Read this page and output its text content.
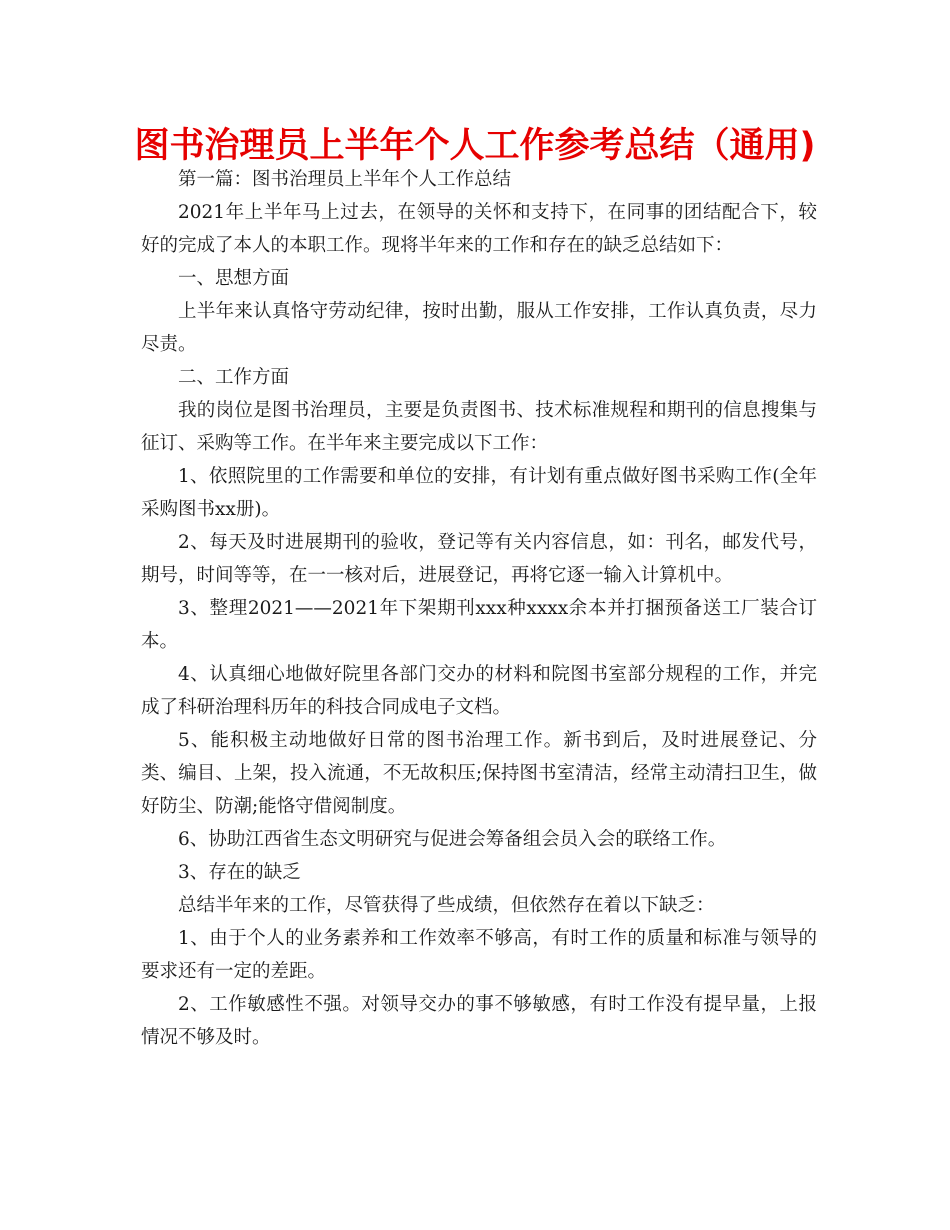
图书治理员上半年个人工作参考总结（通用)

第一篇：图书治理员上半年个人工作总结

2021年上半年马上过去，在领导的关怀和支持下，在同事的团结配合下，较好的完成了本人的本职工作。现将半年来的工作和存在的缺乏总结如下：

一、思想方面

上半年来认真恪守劳动纪律，按时出勤，服从工作安排，工作认真负责，尽力尽责。

二、工作方面

我的岗位是图书治理员，主要是负责图书、技术标准规程和期刊的信息搜集与征订、采购等工作。在半年来主要完成以下工作：

1、依照院里的工作需要和单位的安排，有计划有重点做好图书采购工作(全年采购图书xx册)。

2、每天及时进展期刊的验收，登记等有关内容信息，如：刊名，邮发代号，期号，时间等等，在一一核对后，进展登记，再将它逐一输入计算机中。

3、整理2021——2021年下架期刊xxx种xxxx余本并打捆预备送工厂装合订本。

4、认真细心地做好院里各部门交办的材料和院图书室部分规程的工作，并完成了科研治理科历年的科技合同成电子文档。

5、能积极主动地做好日常的图书治理工作。新书到后，及时进展登记、分类、编目、上架，投入流通，不无故积压;保持图书室清洁，经常主动清扫卫生，做好防尘、防潮;能恪守借阅制度。

6、协助江西省生态文明研究与促进会筹备组会员入会的联络工作。

3、存在的缺乏

总结半年来的工作，尽管获得了些成绩，但依然存在着以下缺乏：

1、由于个人的业务素养和工作效率不够高，有时工作的质量和标准与领导的要求还有一定的差距。

2、工作敏感性不强。对领导交办的事不够敏感，有时工作没有提早量，上报情况不够及时。
